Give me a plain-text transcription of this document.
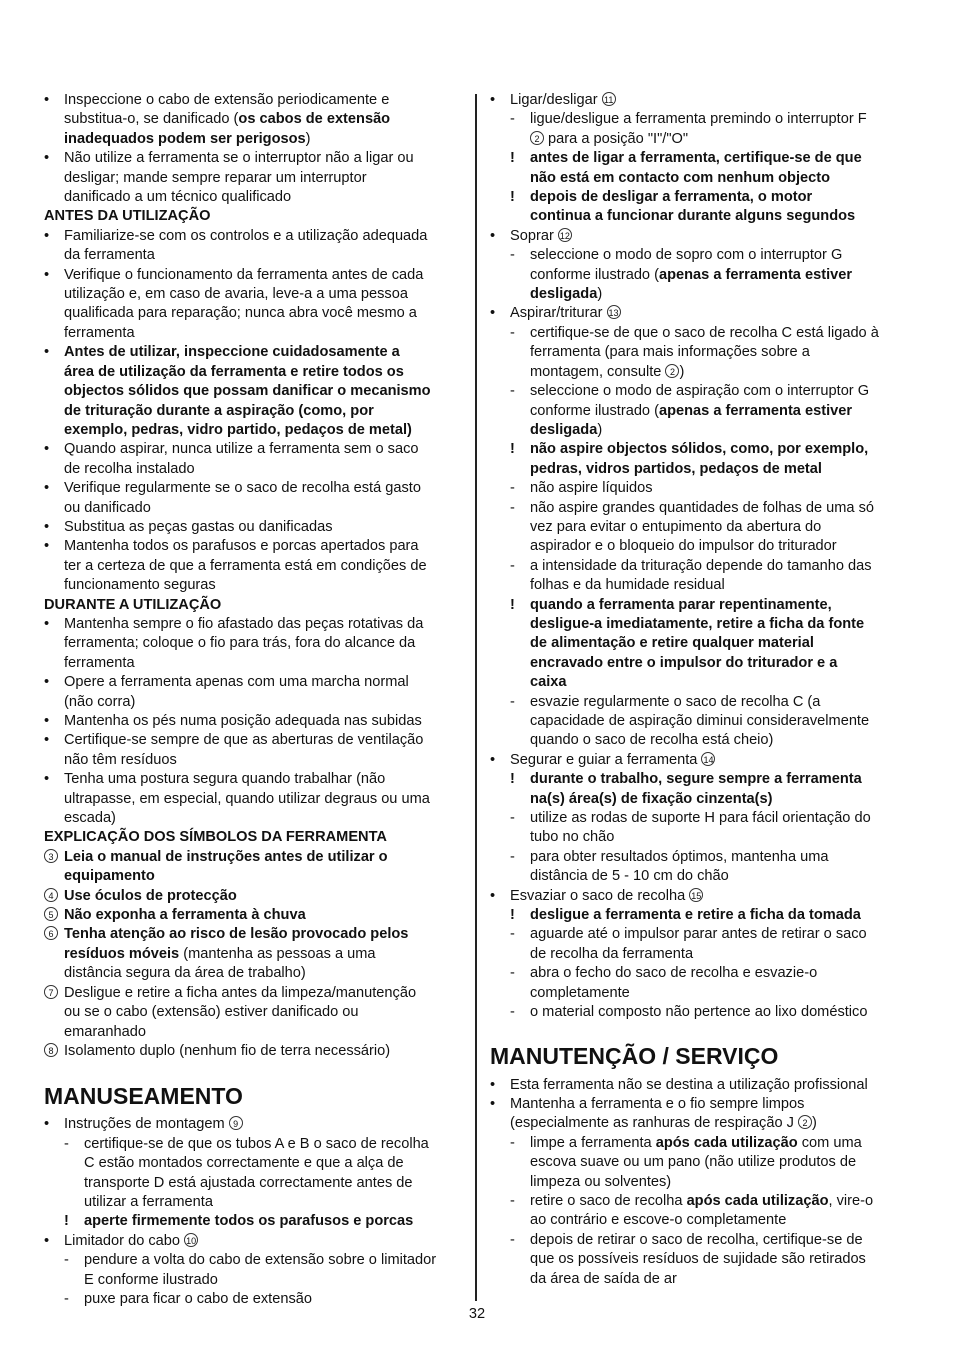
• Inspeccione o cabo de extensão periodicamente e
substitua-o, se danificado (os cabos de extensão
inadequados podem ser perigosos)
• Não utilize a ferramenta se o interruptor não a ligar ou
desligar; mande sempre reparar um interruptor
danificado a um técnico qualificado
ANTES DA UTILIZAÇÃO
• Familiarize-se com os controlos e a utilização adequada
da ferramenta
• Verifique o funcionamento da ferramenta antes de cada
utilização e, em caso de avaria, leve-a a uma pessoa
qualificada para reparação; nunca abra você mesmo a
ferramenta
• Antes de utilizar, inspeccione cuidadosamente a
área de utilização da ferramenta e retire todos os
objectos sólidos que possam danificar o mecanismo
de trituração durante a aspiração (como, por
exemplo, pedras, vidro partido, pedaços de metal)
• Quando aspirar, nunca utilize a ferramenta sem o saco
de recolha instalado
• Verifique regularmente se o saco de recolha está gasto
ou danificado
• Substitua as peças gastas ou danificadas
• Mantenha todos os parafusos e porcas apertados para
ter a certeza de que a ferramenta está em condições de
funcionamento seguras
DURANTE A UTILIZAÇÃO
• Mantenha sempre o fio afastado das peças rotativas da
ferramenta; coloque o fio para trás, fora do alcance da
ferramenta
• Opere a ferramenta apenas com uma marcha normal
(não corra)
• Mantenha os pés numa posição adequada nas subidas
• Certifique-se sempre de que as aberturas de ventilação
não têm resíduos
• Tenha uma postura segura quando trabalhar (não
ultrapasse, em especial, quando utilizar degraus ou uma
escada)
EXPLICAÇÃO DOS SÍMBOLOS DA FERRAMENTA
3 Leia o manual de instruções antes de utilizar o
equipamento
4 Use óculos de protecção
5 Não exponha a ferramenta à chuva
6 Tenha atenção ao risco de lesão provocado pelos
resíduos móveis (mantenha as pessoas a uma
distância segura da área de trabalho)
7 Desligue e retire a ficha antes da limpeza/manutenção
ou se o cabo (extensão) estiver danificado ou
emaranhado
8 Isolamento duplo (nenhum fio de terra necessário)
MANUSEAMENTO
• Instruções de montagem 9
- certifique-se de que os tubos A e B o saco de recolha
C estão montados correctamente e que a alça de
transporte D está ajustada correctamente antes de
utilizar a ferramenta
! aperte firmemente todos os parafusos e porcas
• Limitador do cabo 10
- pendure a volta do cabo de extensão sobre o limitador
E conforme ilustrado
- puxe para ficar o cabo de extensão
• Ligar/desligar 11
- ligue/desligue a ferramenta premindo o interruptor F
2 para a posição "I"/"O"
! antes de ligar a ferramenta, certifique-se de que
não está em contacto com nenhum objecto
! depois de desligar a ferramenta, o motor
continua a funcionar durante alguns segundos
• Soprar 12
- seleccione o modo de sopro com o interruptor G
conforme ilustrado (apenas a ferramenta estiver
desligada)
• Aspirar/triturar 13
- certifique-se de que o saco de recolha C está ligado à
ferramenta (para mais informações sobre a
montagem, consulte 2 )
- seleccione o modo de aspiração com o interruptor G
conforme ilustrado (apenas a ferramenta estiver
desligada)
! não aspire objectos sólidos, como, por exemplo,
pedras, vidros partidos, pedaços de metal
- não aspire líquidos
- não aspire grandes quantidades de folhas de uma só
vez para evitar o entupimento da abertura do
aspirador e o bloqueio do impulsor do triturador
- a intensidade da trituração depende do tamanho das
folhas e da humidade residual
! quando a ferramenta parar repentinamente,
desligue-a imediatamente, retire a ficha da fonte
de alimentação e retire qualquer material
encravado entre o impulsor do triturador e a
caixa
- esvazie regularmente o saco de recolha C (a
capacidade de aspiração diminui consideravelmente
quando o saco de recolha está cheio)
• Segurar e guiar a ferramenta 14
! durante o trabalho, segure sempre a ferramenta
na(s) área(s) de fixação cinzenta(s)
- utilize as rodas de suporte H para fácil orientação do
tubo no chão
- para obter resultados óptimos, mantenha uma
distância de 5 - 10 cm do chão
• Esvaziar o saco de recolha 15
! desligue a ferramenta e retire a ficha da tomada
- aguarde até o impulsor parar antes de retirar o saco
de recolha da ferramenta
- abra o fecho do saco de recolha e esvazie-o
completamente
- o material composto não pertence ao lixo doméstico
MANUTENÇÃO / SERVIÇO
• Esta ferramenta não se destina a utilização profissional
• Mantenha a ferramenta e o fio sempre limpos
(especialmente as ranhuras de respiração J 2 )
- limpe a ferramenta após cada utilização com uma
escova suave ou um pano (não utilize produtos de
limpeza ou solventes)
- retire o saco de recolha após cada utilização, vire-o
ao contrário e escove-o completamente
- depois de retirar o saco de recolha, certifique-se de
que os possíveis resíduos de sujidade são retirados
da área de saída de ar
32
